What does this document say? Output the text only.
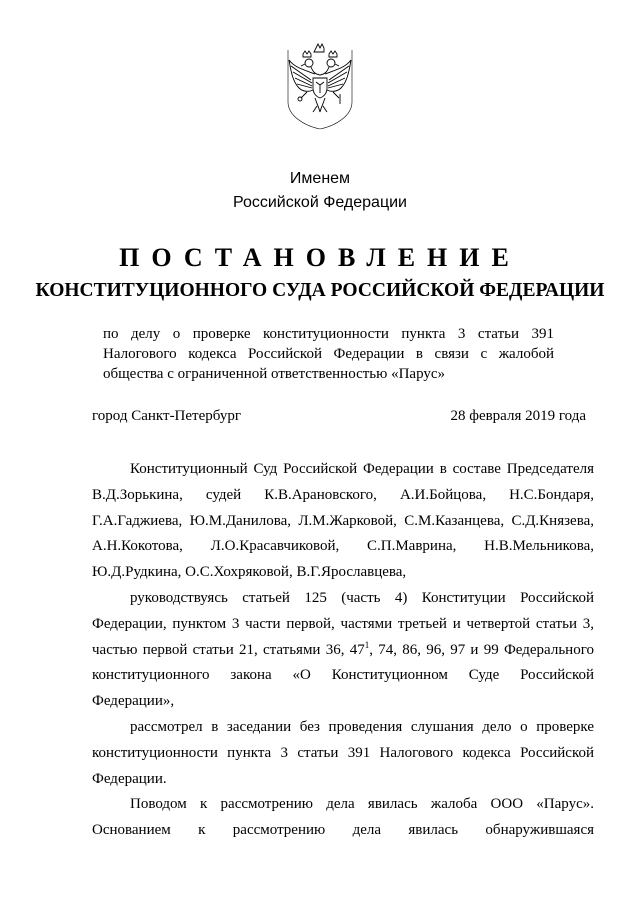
Именем
Российской Федерации
ПОСТАНОВЛЕНИЕ
КОНСТИТУЦИОННОГО СУДА РОССИЙСКОЙ ФЕДЕРАЦИИ
по делу о проверке конституционности пункта 3 статьи 391
Налогового кодекса Российской Федерации в связи с жалобой
общества с ограниченной ответственностью «Парус»
город Санкт-Петербург	28 февраля 2019 года
Конституционный Суд Российской Федерации в составе Председателя
В.Д.Зорькина, судей К.В.Арановского, А.И.Бойцова, Н.С.Бондаря,
Г.А.Гаджиева, Ю.М.Данилова, Л.М.Жарковой, С.М.Казанцева, С.Д.Князева,
А.Н.Кокотова, Л.О.Красавчиковой, С.П.Маврина, Н.В.Мельникова,
Ю.Д.Рудкина, О.С.Хохряковой, В.Г.Ярославцева,
руководствуясь статьей 125 (часть 4) Конституции Российской
Федерации, пунктом 3 части первой, частями третьей и четвертой статьи 3,
частью первой статьи 21, статьями 36, $47^1$, 74, 86, 96, 97 и 99 Федерального
конституционного закона «О Конституционном Суде Российской
Федерации»,
рассмотрел в заседании без проведения слушания дело о проверке
конституционности пункта 3 статьи 391 Налогового кодекса Российской
Федерации.
Поводом к рассмотрению дела явилась жалоба ООО «Парус».
Основанием к рассмотрению дела явилась обнаружившаяся
